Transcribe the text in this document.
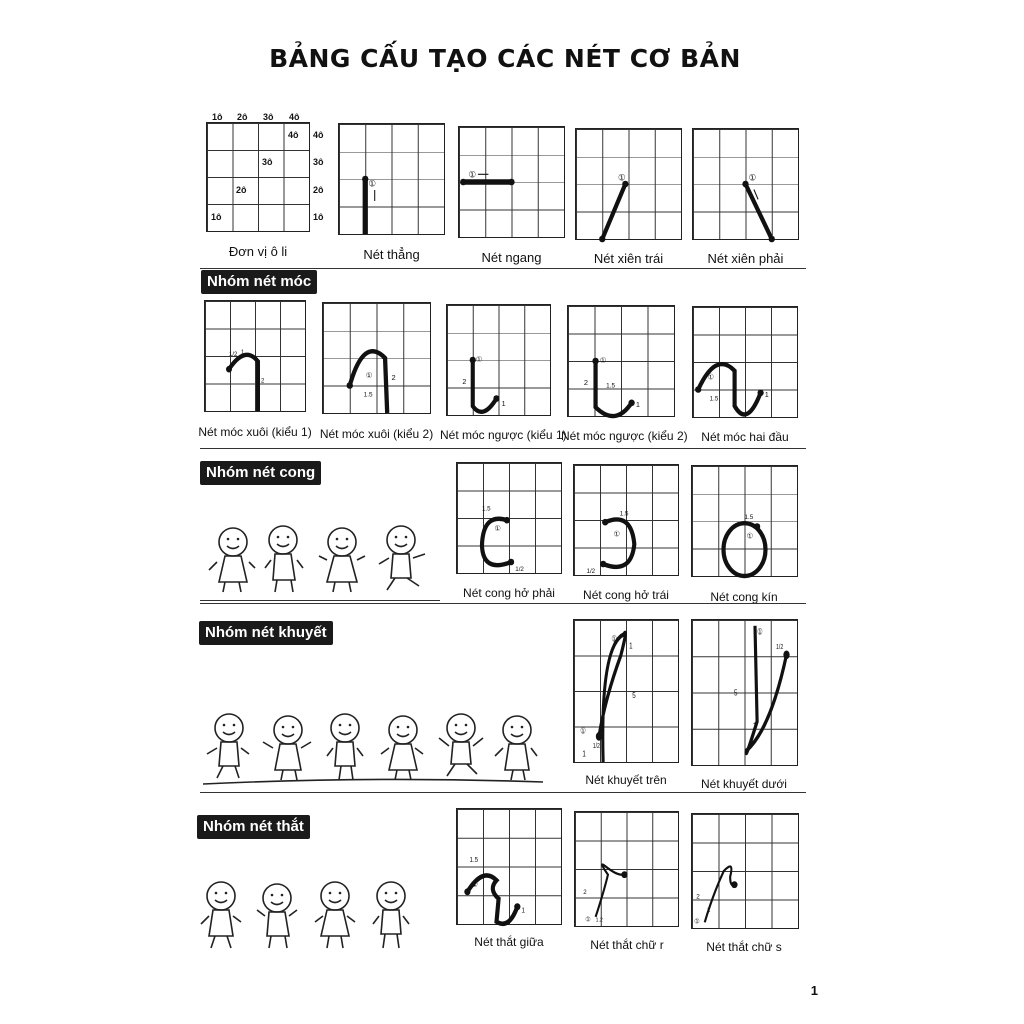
BẢNG CẤU TẠO CÁC NÉT CƠ BẢN
1ô 2ô 3ô 4ô
4ô
3ô
2ô
1ô
4ô
3ô
2ô
1ô
Đơn vị ô li
①
Nét thẳng
①
Nét ngang
①
Nét xiên trái
①
Nét xiên phải
Nhóm nét móc
1/2 1
2
Nét móc xuôi (kiểu 1)
①	2
1.5
Nét móc xuôi (kiểu 2)
①
2
1
Nét móc ngược (kiểu 1)
①
2	1.5
1
Nét móc ngược (kiểu 2)
①
1.5	1
Nét móc hai đầu
Nhóm nét cong
1.5
①
1/2
Nét cong hở phải
1.5
①
1/2
Nét cong hở trái
1.5
①
Nét cong kín
Nhóm nét khuyết	①
1
5
①
1/2
1
Nét khuyết trên
①
1/2
5
1
Nét khuyết dưới
Nhóm nét thắt
1.5
①
1
Nét thắt giữa
2
① 1.2
Nét thắt chữ r
2
①
1
Nét thắt chữ s
1
